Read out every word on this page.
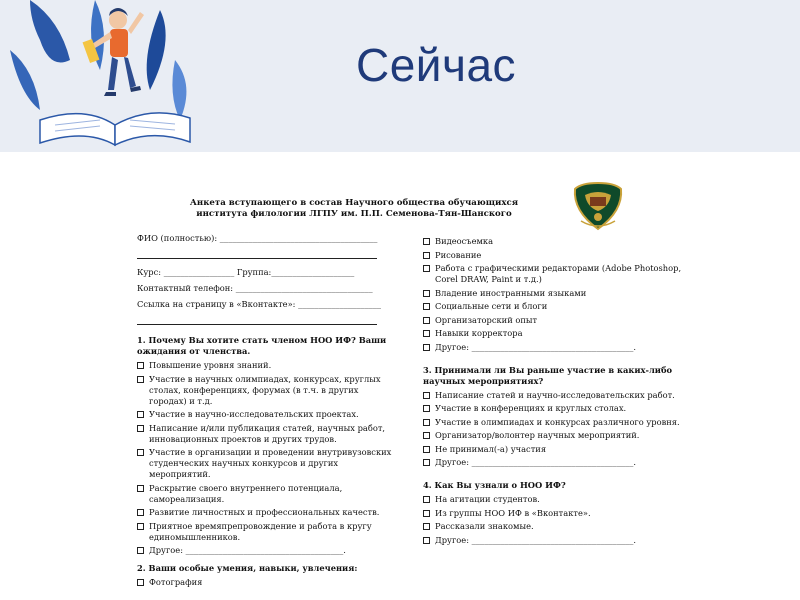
Сейчас
Анкета вступающего в состав Научного общества обучающихся
института филологии ЛГПУ им. П.П. Семенова-Тян-Шанского
ФИО (полностью): ______________________________________
Курс: _________________ Группа:____________________
Контактный телефон: _________________________________
Ссылка на страницу в «Вконтакте»: ____________________
1. Почему Вы хотите стать членом НОО ИФ? Ваши ожидания от членства.
Повышение уровня знаний.
Участие в научных олимпиадах, конкурсах, круглых столах, конференциях, форумах (в т.ч. в других городах) и т.д.
Участие в научно-исследовательских проектах.
Написание и/или публикация статей, научных работ, инновационных проектов и других трудов.
Участие в организации и проведении внутривузовских студенческих научных конкурсов и других мероприятий.
Раскрытие своего внутреннего потенциала, самореализация.
Развитие личностных и профессиональных качеств.
Приятное времяпрепровождение и работа в кругу единомышленников.
Другое: ______________________________________.
2. Ваши особые умения, навыки, увлечения:
Фотография
Видеосъемка
Рисование
Работа с графическими редакторами (Adobe Photoshop, Corel DRAW, Paint и т.д.)
Владение иностранными языками
Социальные сети и блоги
Организаторский опыт
Навыки корректора
Другое: _______________________________________.
3. Принимали ли Вы раньше участие в каких-либо научных мероприятиях?
Написание статей и научно-исследовательских работ.
Участие в конференциях и круглых столах.
Участие в олимпиадах и конкурсах различного уровня.
Организатор/волонтер научных мероприятий.
Не принимал(-а) участия
Другое: _______________________________________.
4. Как Вы узнали о НОО ИФ?
На агитации студентов.
Из группы НОО ИФ в «Вконтакте».
Рассказали знакомые.
Другое: _______________________________________.
